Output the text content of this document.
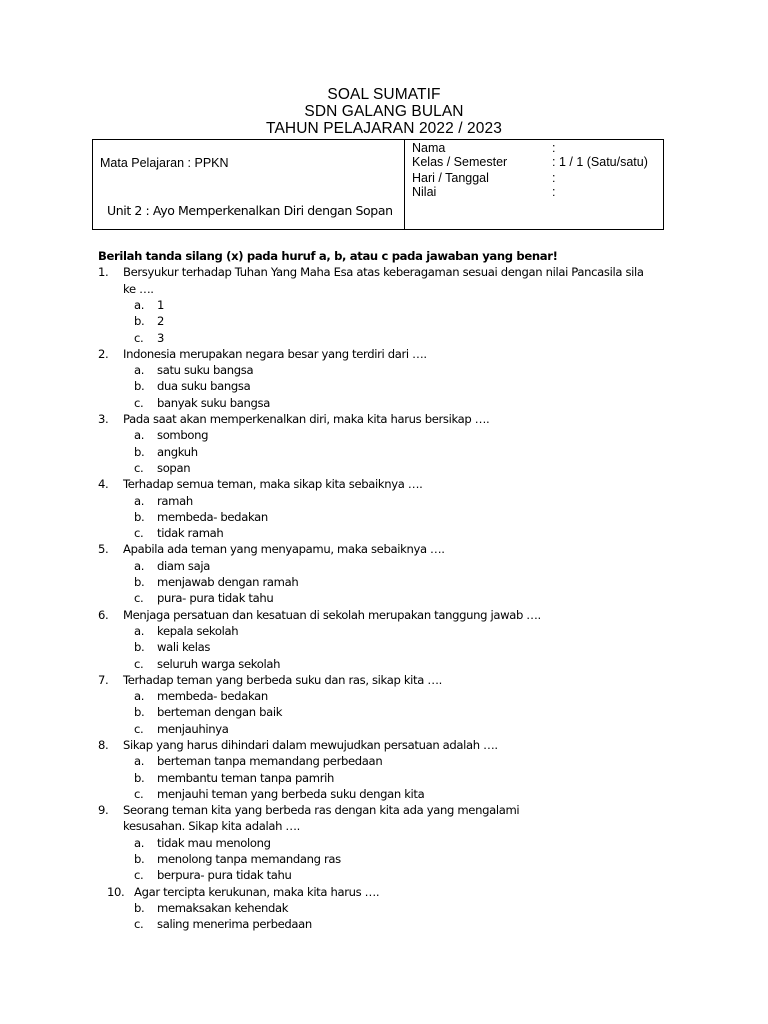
SOAL SUMATIF
SDN GALANG BULAN
TAHUN PELAJARAN 2022 / 2023
Mata Pelajaran : PPKN
Unit 2 : Ayo Memperkenalkan Diri dengan Sopan
Nama	:
Kelas / Semester	: 1 / 1 (Satu/satu)
Hari / Tanggal	:
Nilai	:
Berilah tanda silang (x) pada huruf a, b, atau c pada jawaban yang benar!
1. Bersyukur terhadap Tuhan Yang Maha Esa atas keberagaman sesuai dengan nilai Pancasila sila
ke ….
a. 1
b. 2
c. 3
2. Indonesia merupakan negara besar yang terdiri dari ….
a. satu suku bangsa
b. dua suku bangsa
c. banyak suku bangsa
3. Pada saat akan memperkenalkan diri, maka kita harus bersikap ….
a. sombong
b. angkuh
c. sopan
4. Terhadap semua teman, maka sikap kita sebaiknya ….
a. ramah
b. membeda- bedakan
c. tidak ramah
5. Apabila ada teman yang menyapamu, maka sebaiknya ….
a. diam saja
b. menjawab dengan ramah
c. pura- pura tidak tahu
6. Menjaga persatuan dan kesatuan di sekolah merupakan tanggung jawab ….
a. kepala sekolah
b. wali kelas
c. seluruh warga sekolah
7. Terhadap teman yang berbeda suku dan ras, sikap kita ….
a. membeda- bedakan
b. berteman dengan baik
c. menjauhinya
8. Sikap yang harus dihindari dalam mewujudkan persatuan adalah ….
a. berteman tanpa memandang perbedaan
b. membantu teman tanpa pamrih
c. menjauhi teman yang berbeda suku dengan kita
9. Seorang teman kita yang berbeda ras dengan kita ada yang mengalami
kesusahan. Sikap kita adalah ….
a. tidak mau menolong
b. menolong tanpa memandang ras
c. berpura- pura tidak tahu
10. Agar tercipta kerukunan, maka kita harus ….
b. memaksakan kehendak
c. saling menerima perbedaan
